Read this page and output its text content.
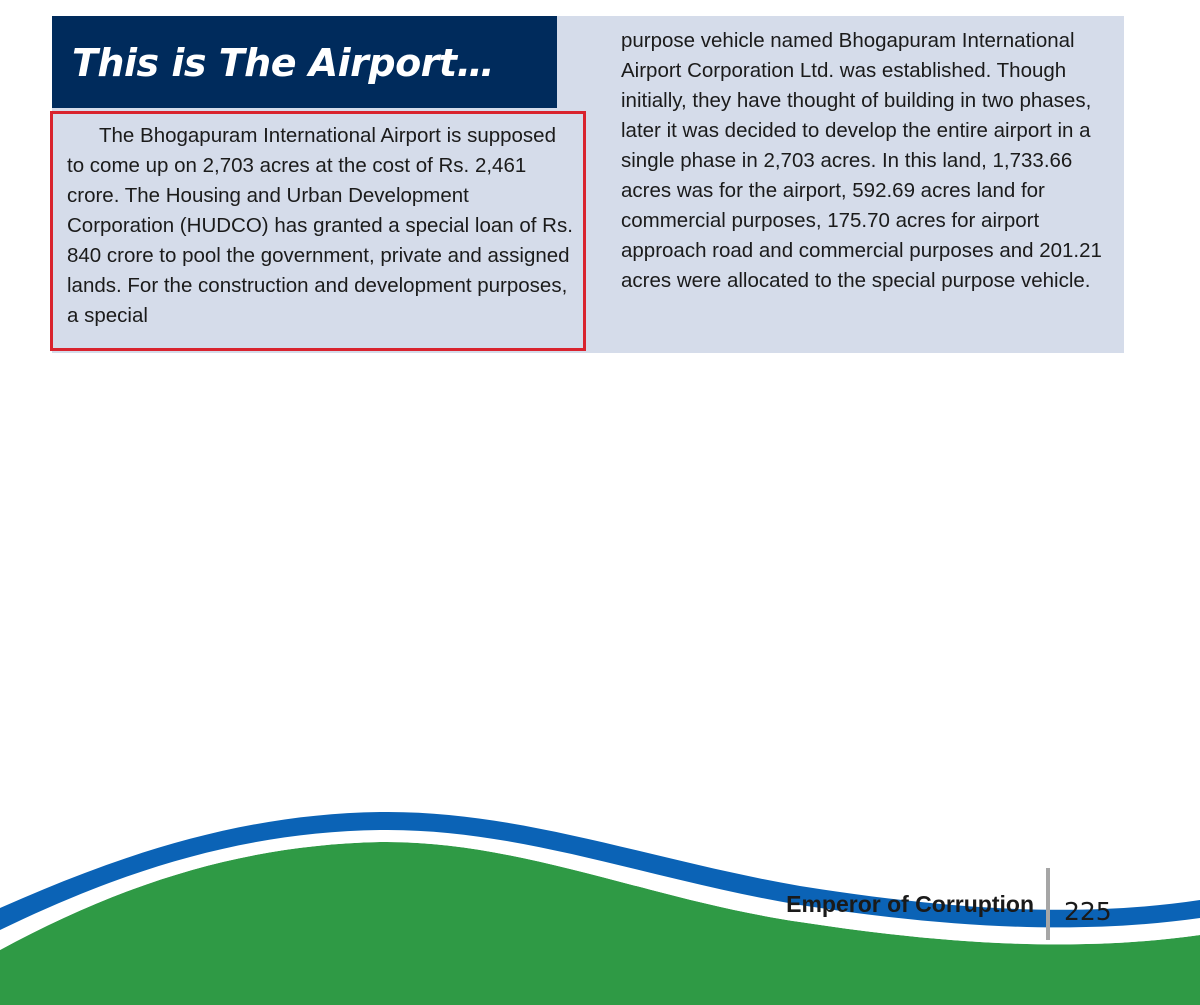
This is The Airport…

The Bhogapuram International Airport is supposed to come up on 2,703 acres at the cost of Rs. 2,461 crore. The Housing and Urban Development Corporation (HUDCO) has granted a special loan of Rs. 840 crore to pool the government, private and assigned lands. For the construction and development purposes, a special

purpose vehicle named Bhogapuram International Airport Corporation Ltd. was established. Though initially, they have thought of building in two phases, later it was decided to develop the entire airport in a single phase in 2,703 acres. In this land, 1,733.66 acres was for the airport, 592.69 acres land for commercial purposes, 175.70 acres for airport approach road and commercial purposes and 201.21 acres were allocated to the special purpose vehicle.

Emperor of Corruption 225
